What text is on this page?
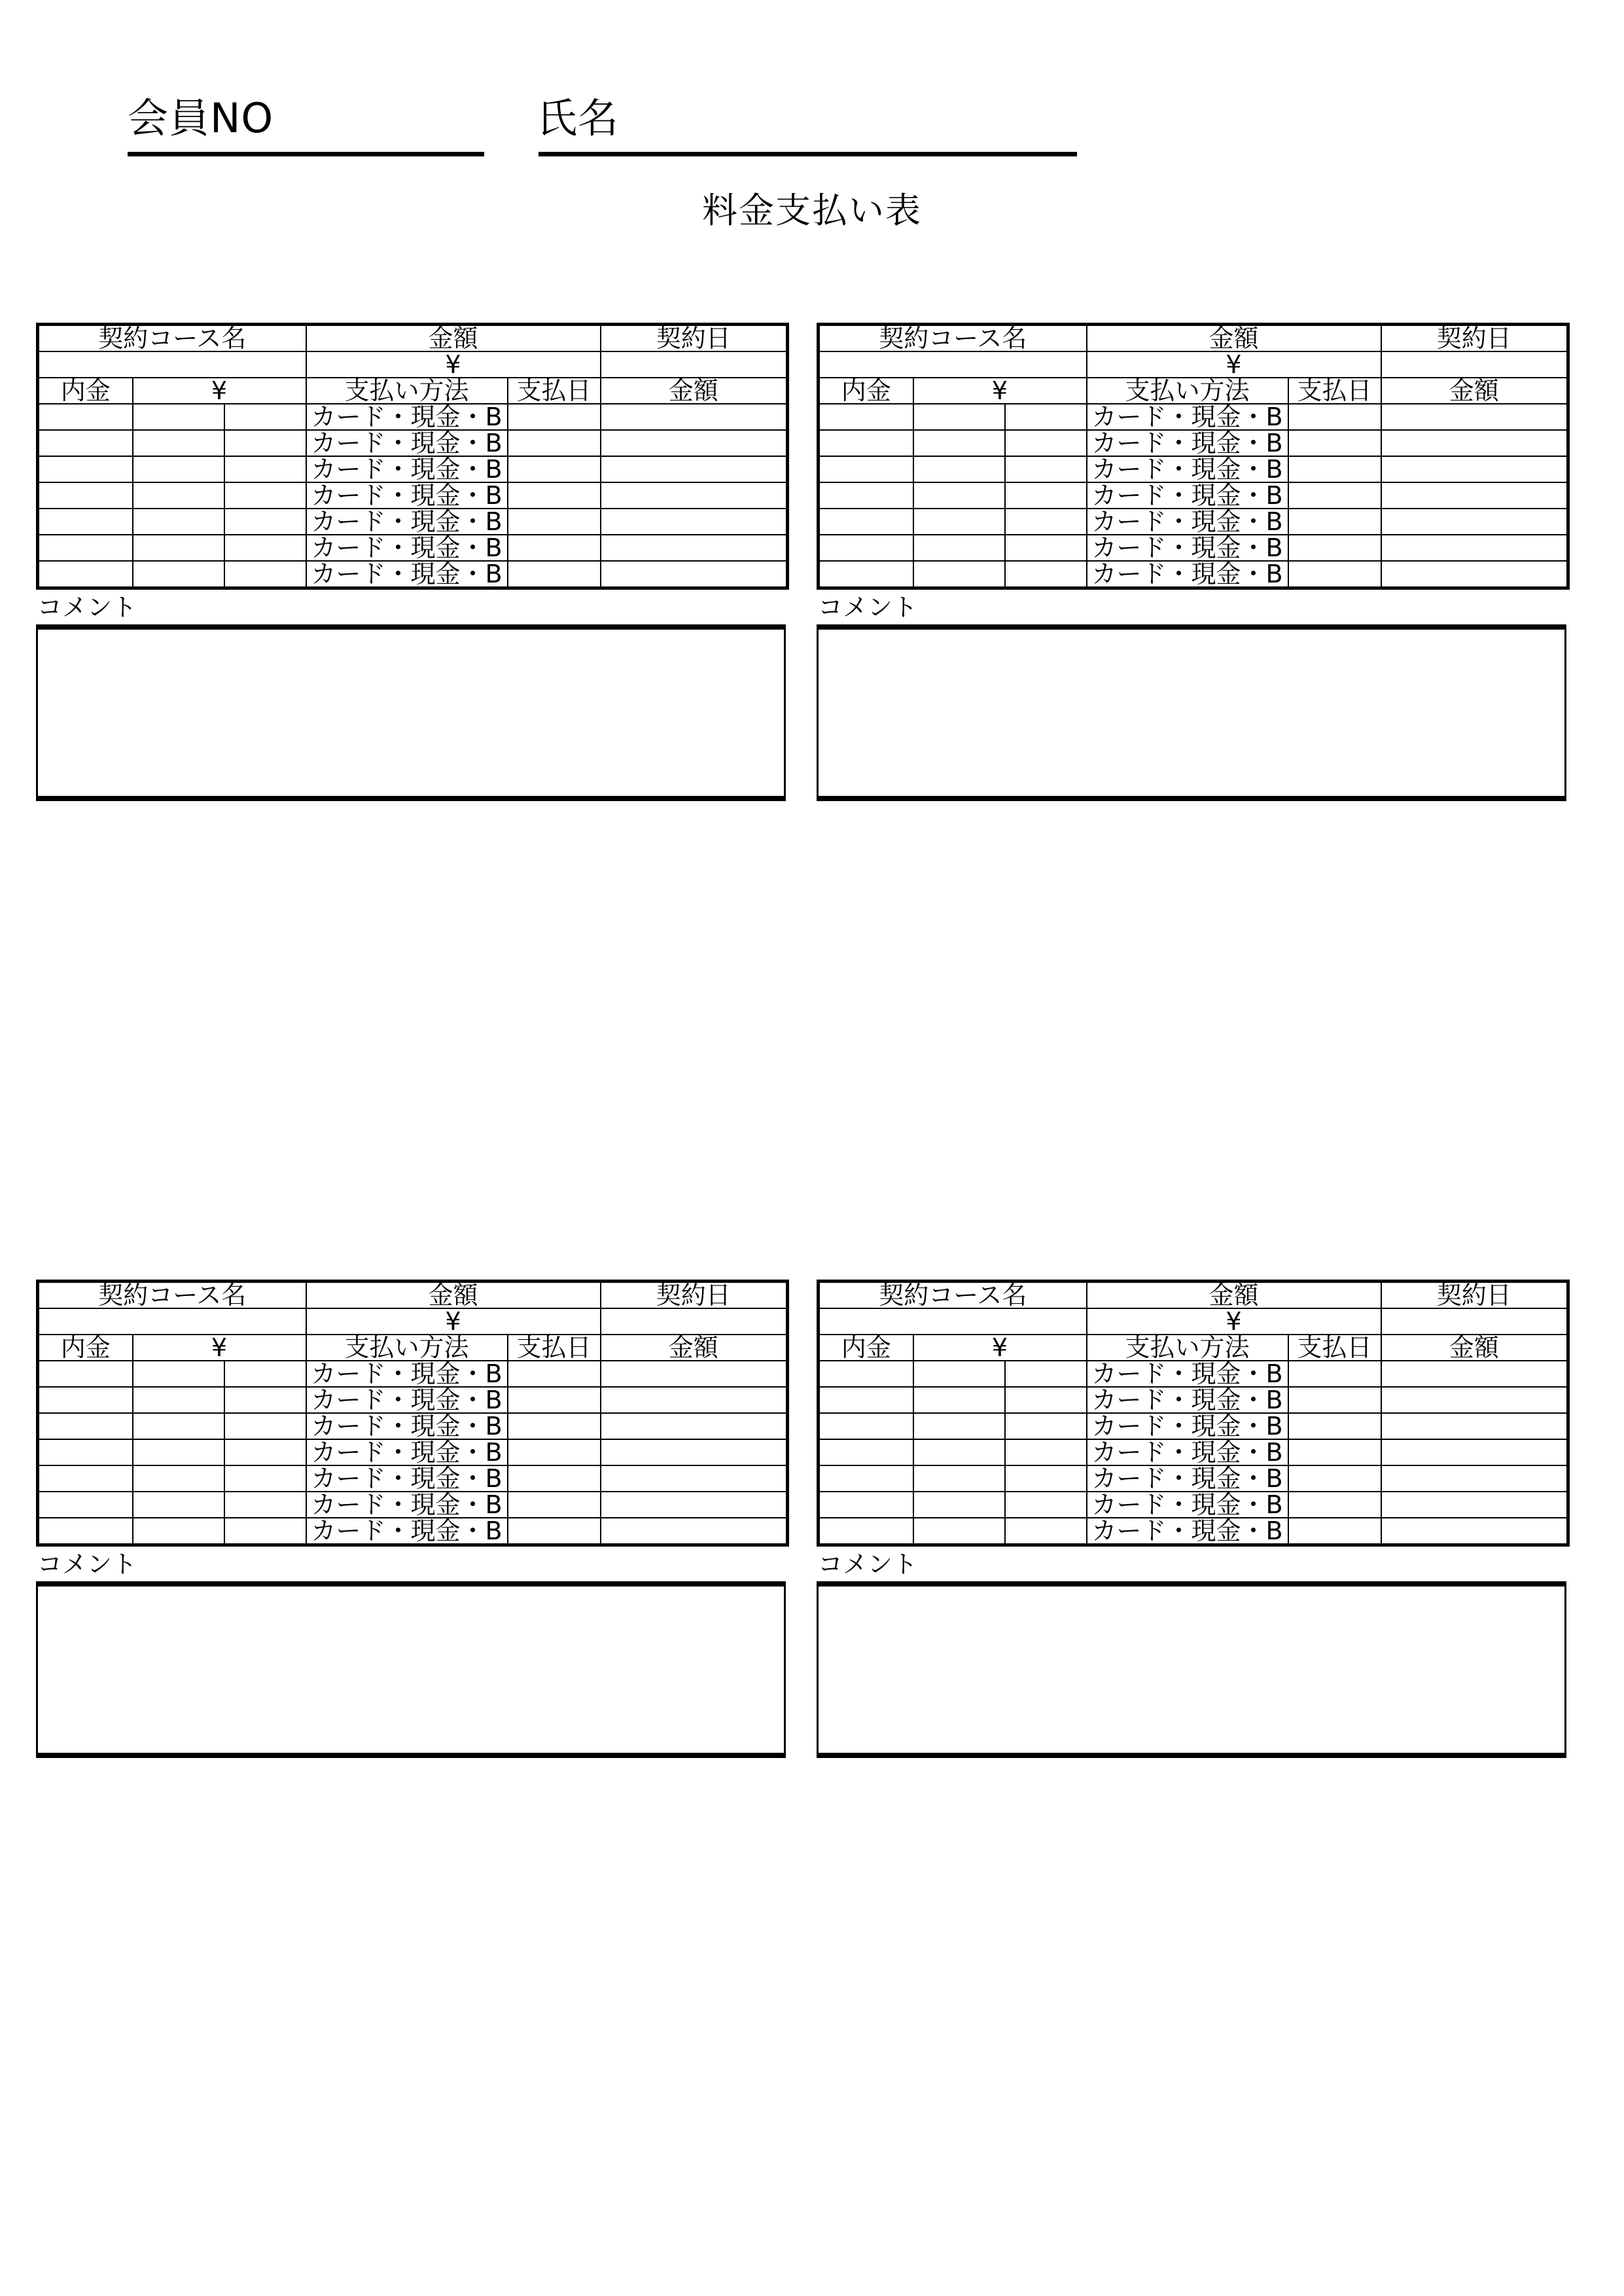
会員NO	氏名
料金支払い表
契約コース名			金額		契約日
			¥		
内金	¥		支払い方法	支払日	金額
			カード・現金・B		
			カード・現金・B		
			カード・現金・B		
			カード・現金・B		
			カード・現金・B		
			カード・現金・B		
			カード・現金・B		
コメント
契約コース名			金額		契約日
			¥		
内金	¥		支払い方法	支払日	金額
			カード・現金・B		
			カード・現金・B		
			カード・現金・B		
			カード・現金・B		
			カード・現金・B		
			カード・現金・B		
			カード・現金・B		
コメント
契約コース名			金額		契約日
			¥		
内金	¥		支払い方法	支払日	金額
			カード・現金・B		
			カード・現金・B		
			カード・現金・B		
			カード・現金・B		
			カード・現金・B		
			カード・現金・B		
			カード・現金・B		
コメント
契約コース名			金額		契約日
			¥		
内金	¥		支払い方法	支払日	金額
			カード・現金・B		
			カード・現金・B		
			カード・現金・B		
			カード・現金・B		
			カード・現金・B		
			カード・現金・B		
			カード・現金・B		
コメント
